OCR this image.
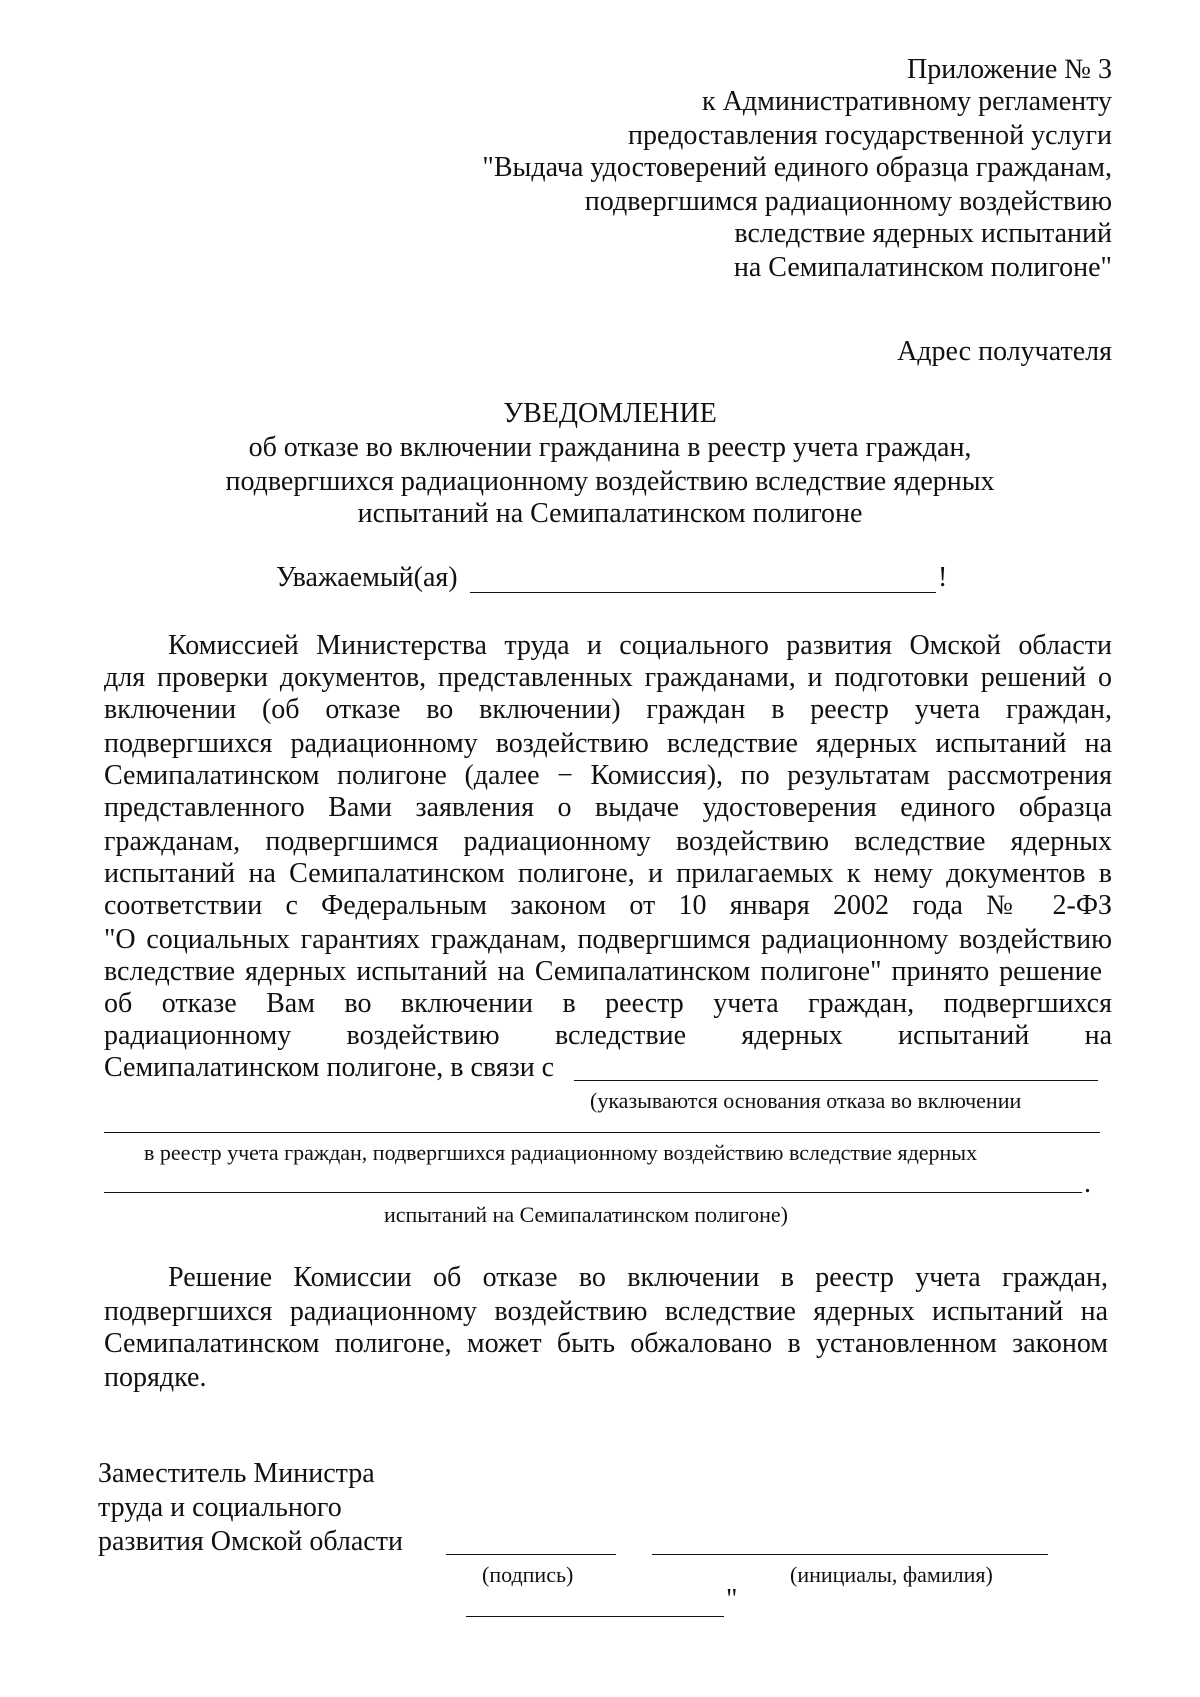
Приложение № 3
к Административному регламенту
предоставления государственной услуги
"Выдача удостоверений единого образца гражданам,
подвергшимся радиационному воздействию
вследствие ядерных испытаний
на Семипалатинском полигоне"
Адрес получателя
УВЕДОМЛЕНИЕ
об отказе во включении гражданина в реестр учета граждан,
подвергшихся радиационному воздействию вследствие ядерных
испытаний на Семипалатинском полигоне
Уважаемый(ая)	!
Комиссией Министерства труда и социального развития Омской области
для проверки документов, представленных гражданами, и подготовки решений о
включении (об отказе во включении) граждан в реестр учета граждан,
подвергшихся радиационному воздействию вследствие ядерных испытаний на
Семипалатинском полигоне (далее − Комиссия), по результатам рассмотрения
представленного Вами заявления о выдаче удостоверения единого образца
гражданам, подвергшимся радиационному воздействию вследствие ядерных
испытаний на Семипалатинском полигоне, и прилагаемых к нему документов в
соответствии с Федеральным законом от 10 января 2002 года № 2-ФЗ
"О социальных гарантиях гражданам, подвергшимся радиационному воздействию
вследствие ядерных испытаний на Семипалатинском полигоне" принято решение
об отказе Вам во включении в реестр учета граждан, подвергшихся
радиационному воздействию вследствие ядерных испытаний на
Семипалатинском полигоне, в связи с
(указываются основания отказа во включении
в реестр учета граждан, подвергшихся радиационному воздействию вследствие ядерных
.
испытаний на Семипалатинском полигоне)
Решение Комиссии об отказе во включении в реестр учета граждан,
подвергшихся радиационному воздействию вследствие ядерных испытаний на
Семипалатинском полигоне, может быть обжаловано в установленном законом
порядке.
Заместитель Министра
труда и социального
развития Омской области
(подпись)	(инициалы, фамилия)
"
